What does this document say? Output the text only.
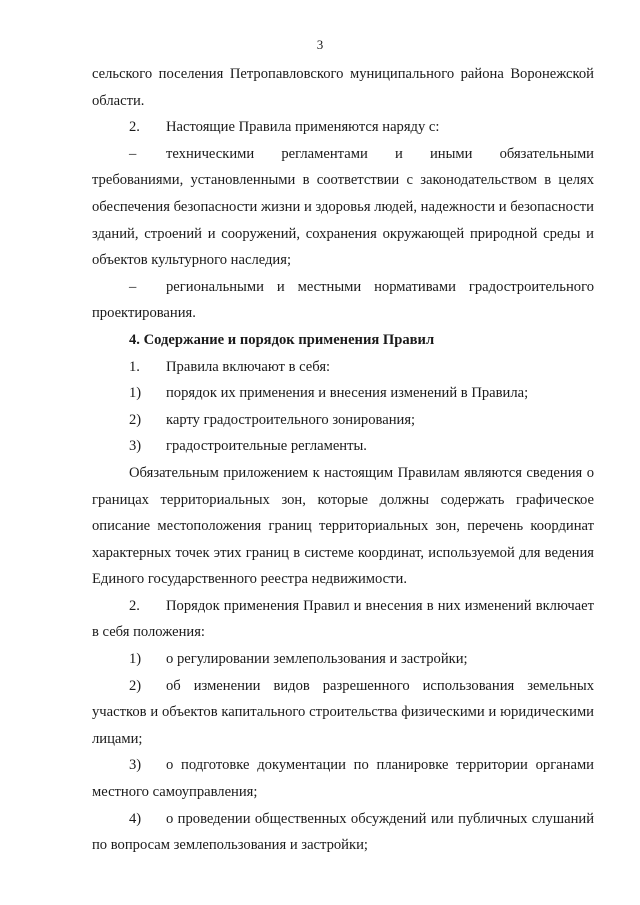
3

сельского поселения Петропавловского муниципального района Воронежской области.

2. Настоящие Правила применяются наряду с:

– техническими регламентами и иными обязательными требованиями, установленными в соответствии с законодательством в целях обеспечения безопасности жизни и здоровья людей, надежности и безопасности зданий, строений и сооружений, сохранения окружающей природной среды и объектов культурного наследия;

– региональными и местными нормативами градостроительного проектирования.

4. Содержание и порядок применения Правил

1. Правила включают в себя:

1) порядок их применения и внесения изменений в Правила;

2) карту градостроительного зонирования;

3) градостроительные регламенты.

Обязательным приложением к настоящим Правилам являются сведения о границах территориальных зон, которые должны содержать графическое описание местоположения границ территориальных зон, перечень координат характерных точек этих границ в системе координат, используемой для ведения Единого государственного реестра недвижимости.

2. Порядок применения Правил и внесения в них изменений включает в себя положения:

1) о регулировании землепользования и застройки;

2) об изменении видов разрешенного использования земельных участков и объектов капитального строительства физическими и юридическими лицами;

3) о подготовке документации по планировке территории органами местного самоуправления;

4) о проведении общественных обсуждений или публичных слушаний по вопросам землепользования и застройки;
